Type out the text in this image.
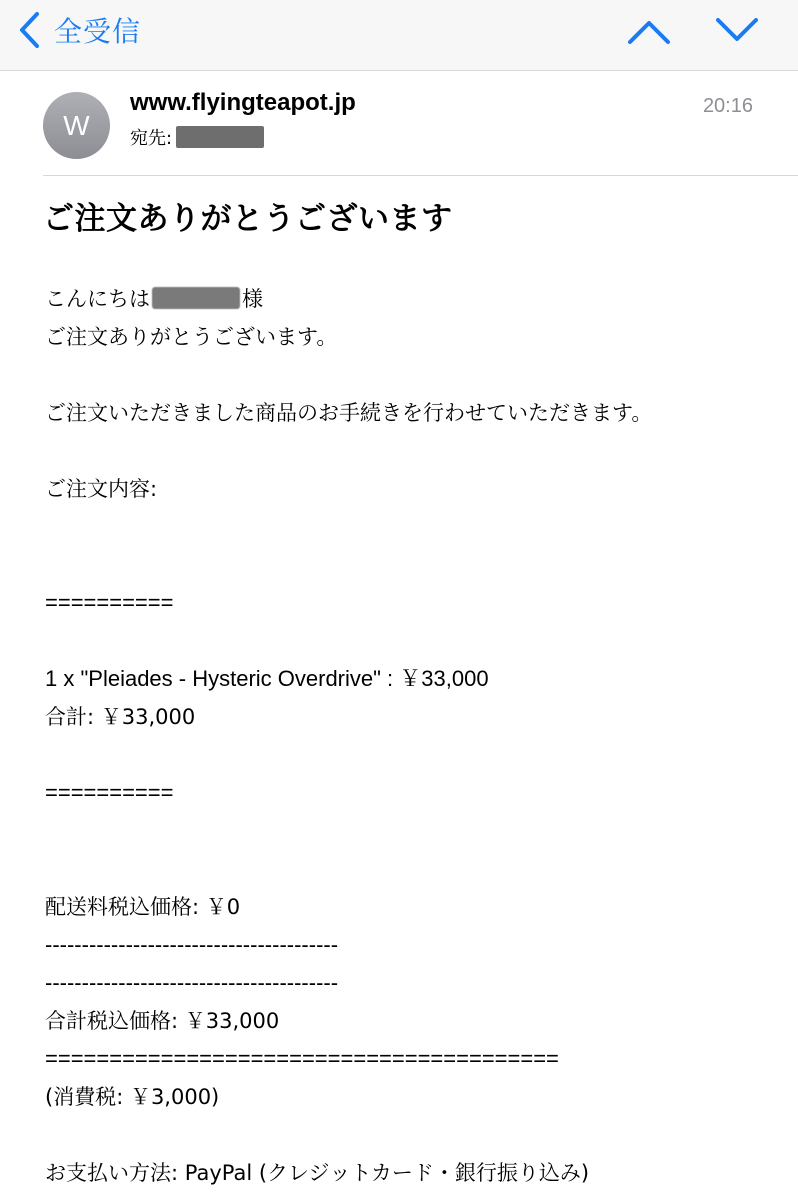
全受信
W
www.flyingteapot.jp
宛先:
20:16
ご注文ありがとうございます
こんにちは	様
ご注文ありがとうございます。
ご注文いただきました商品のお手続きを行わせていただきます。
ご注文内容:
==========
1 x "Pleiades - Hysteric Overdrive" : ￥33,000
合計: ￥33,000
==========
配送料税込価格: ￥0
----------------------------------------
----------------------------------------
合計税込価格: ￥33,000
========================================
(消費税: ￥3,000)
お支払い方法: PayPal (クレジットカード・銀行振り込み)
